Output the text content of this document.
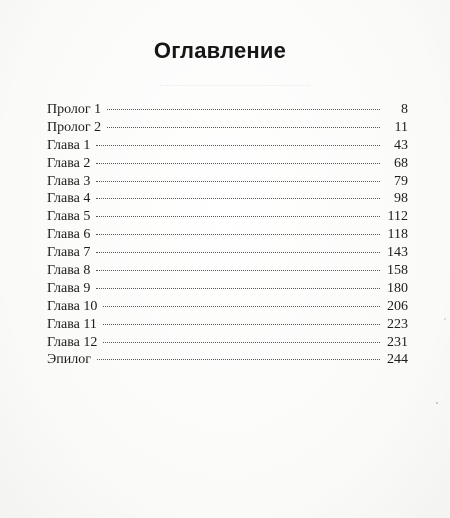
Оглавление
Пролог 1	8
Пролог 2	11
Глава 1	43
Глава 2	68
Глава 3	79
Глава 4	98
Глава 5	112
Глава 6	118
Глава 7	143
Глава 8	158
Глава 9	180
Глава 10	206
Глава 11	223
Глава 12	231
Эпилог	244
